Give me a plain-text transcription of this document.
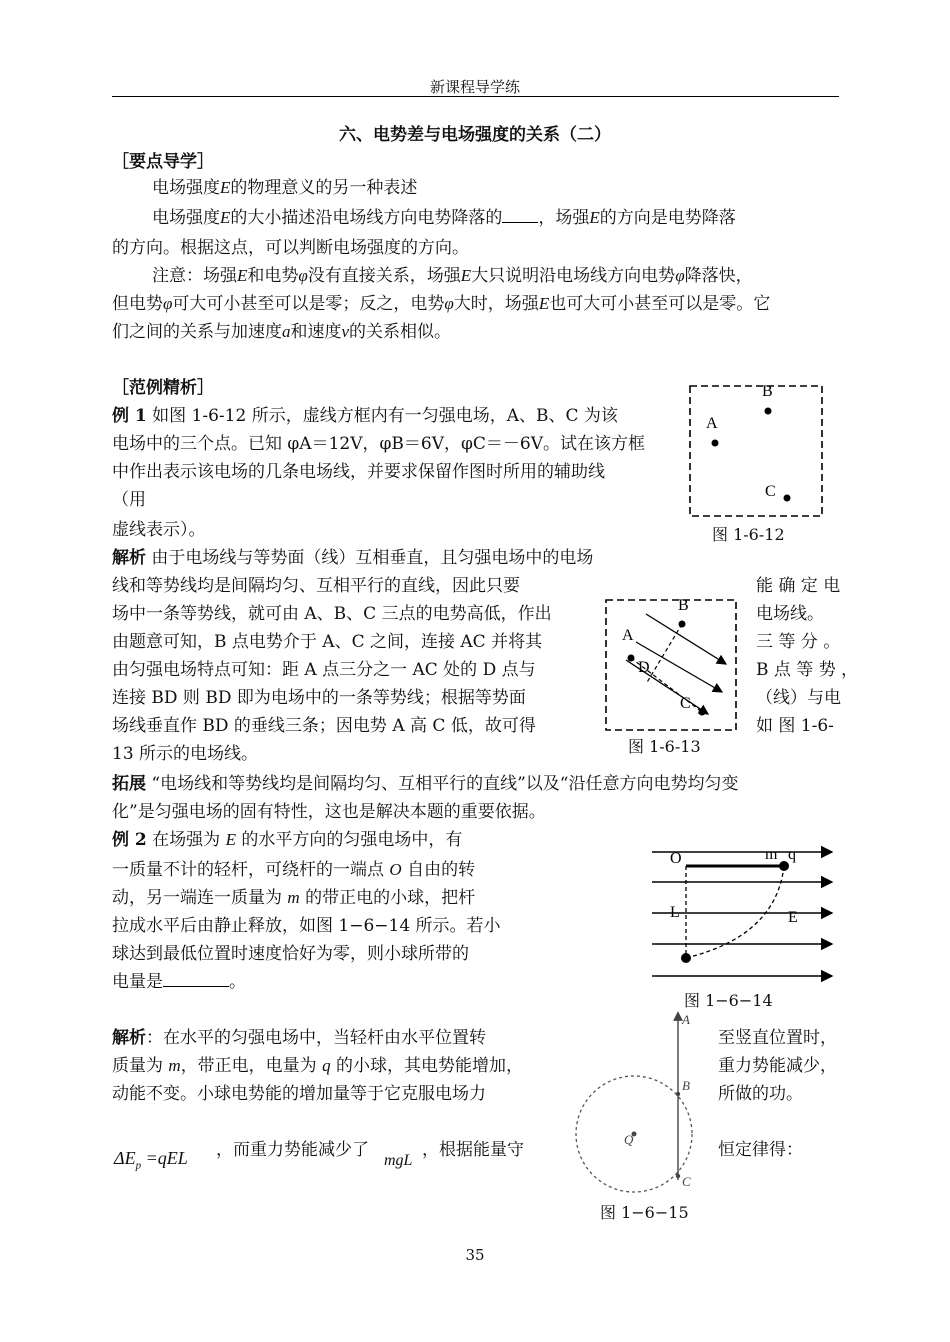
新课程导学练
六、电势差与电场强度的关系（二）
［要点导学］
电场强度E的物理意义的另一种表述
电场强度E的大小描述沿电场线方向电势降落的 ，场强E的方向是电势降落
的方向。根据这点，可以判断电场强度的方向。
注意：场强E和电势φ没有直接关系，场强E大只说明沿电场线方向电势φ降落快，
但电势φ可大可小甚至可以是零；反之，电势φ大时，场强E也可大可小甚至可以是零。它
们之间的关系与加速度a和速度v的关系相似。
［范例精析］
例 1 如图 1-6-12 所示，虚线方框内有一匀强电场，A、B、C 为该
电场中的三个点。已知 φA＝12V，φB＝6V，φC＝－6V。试在该方框
中作出表示该电场的几条电场线，并要求保留作图时所用的辅助线
（用
虚线表示）。
解析 由于电场线与等势面（线）互相垂直，且匀强电场中的电场
线和等势线均是间隔均匀、互相平行的直线，因此只要	能 确 定 电
场中一条等势线，就可由 A、B、C 三点的电势高低，作出	电场线。
由题意可知，B 点电势介于 A、C 之间，连接 AC 并将其	三 等 分 。
由匀强电场特点可知：距 A 点三分之一 AC 处的 D 点与	B 点 等 势 ，
连接 BD 则 BD 即为电场中的一条等势线；根据等势面	（线）与电
场线垂直作 BD 的垂线三条；因电势 A 高 C 低，故可得	如 图 1-6-
13 所示的电场线。
拓展 “电场线和等势线均是间隔均匀、互相平行的直线”以及“沿任意方向电势均匀变
化”是匀强电场的固有特性，这也是解决本题的重要依据。
例 2 在场强为 E 的水平方向的匀强电场中，有
一质量不计的轻杆，可绕杆的一端点 O 自由的转
动，另一端连一质量为 m 的带正电的小球，把杆
拉成水平后由静止释放，如图 1−6−14 所示。若小
球达到最低位置时速度恰好为零，则小球所带的
电量是	。
解析：在水平的匀强电场中，当轻杆由水平位置转	至竖直位置时，
质量为 m，带正电，电量为 q 的小球，其电势能增加，	重力势能减少，
动能不变。小球电势能的增加量等于它克服电场力	所做的功。
$\Delta E_p =qEL$ ，而重力势能减少了
mgL
，根据能量守	恒定律得：
A
B
C
图 1-6-12
A
B
C
D
图 1-6-13
O	m q
L	E
图 1−6−14
A
B
C
Q
图 1−6−15
35
